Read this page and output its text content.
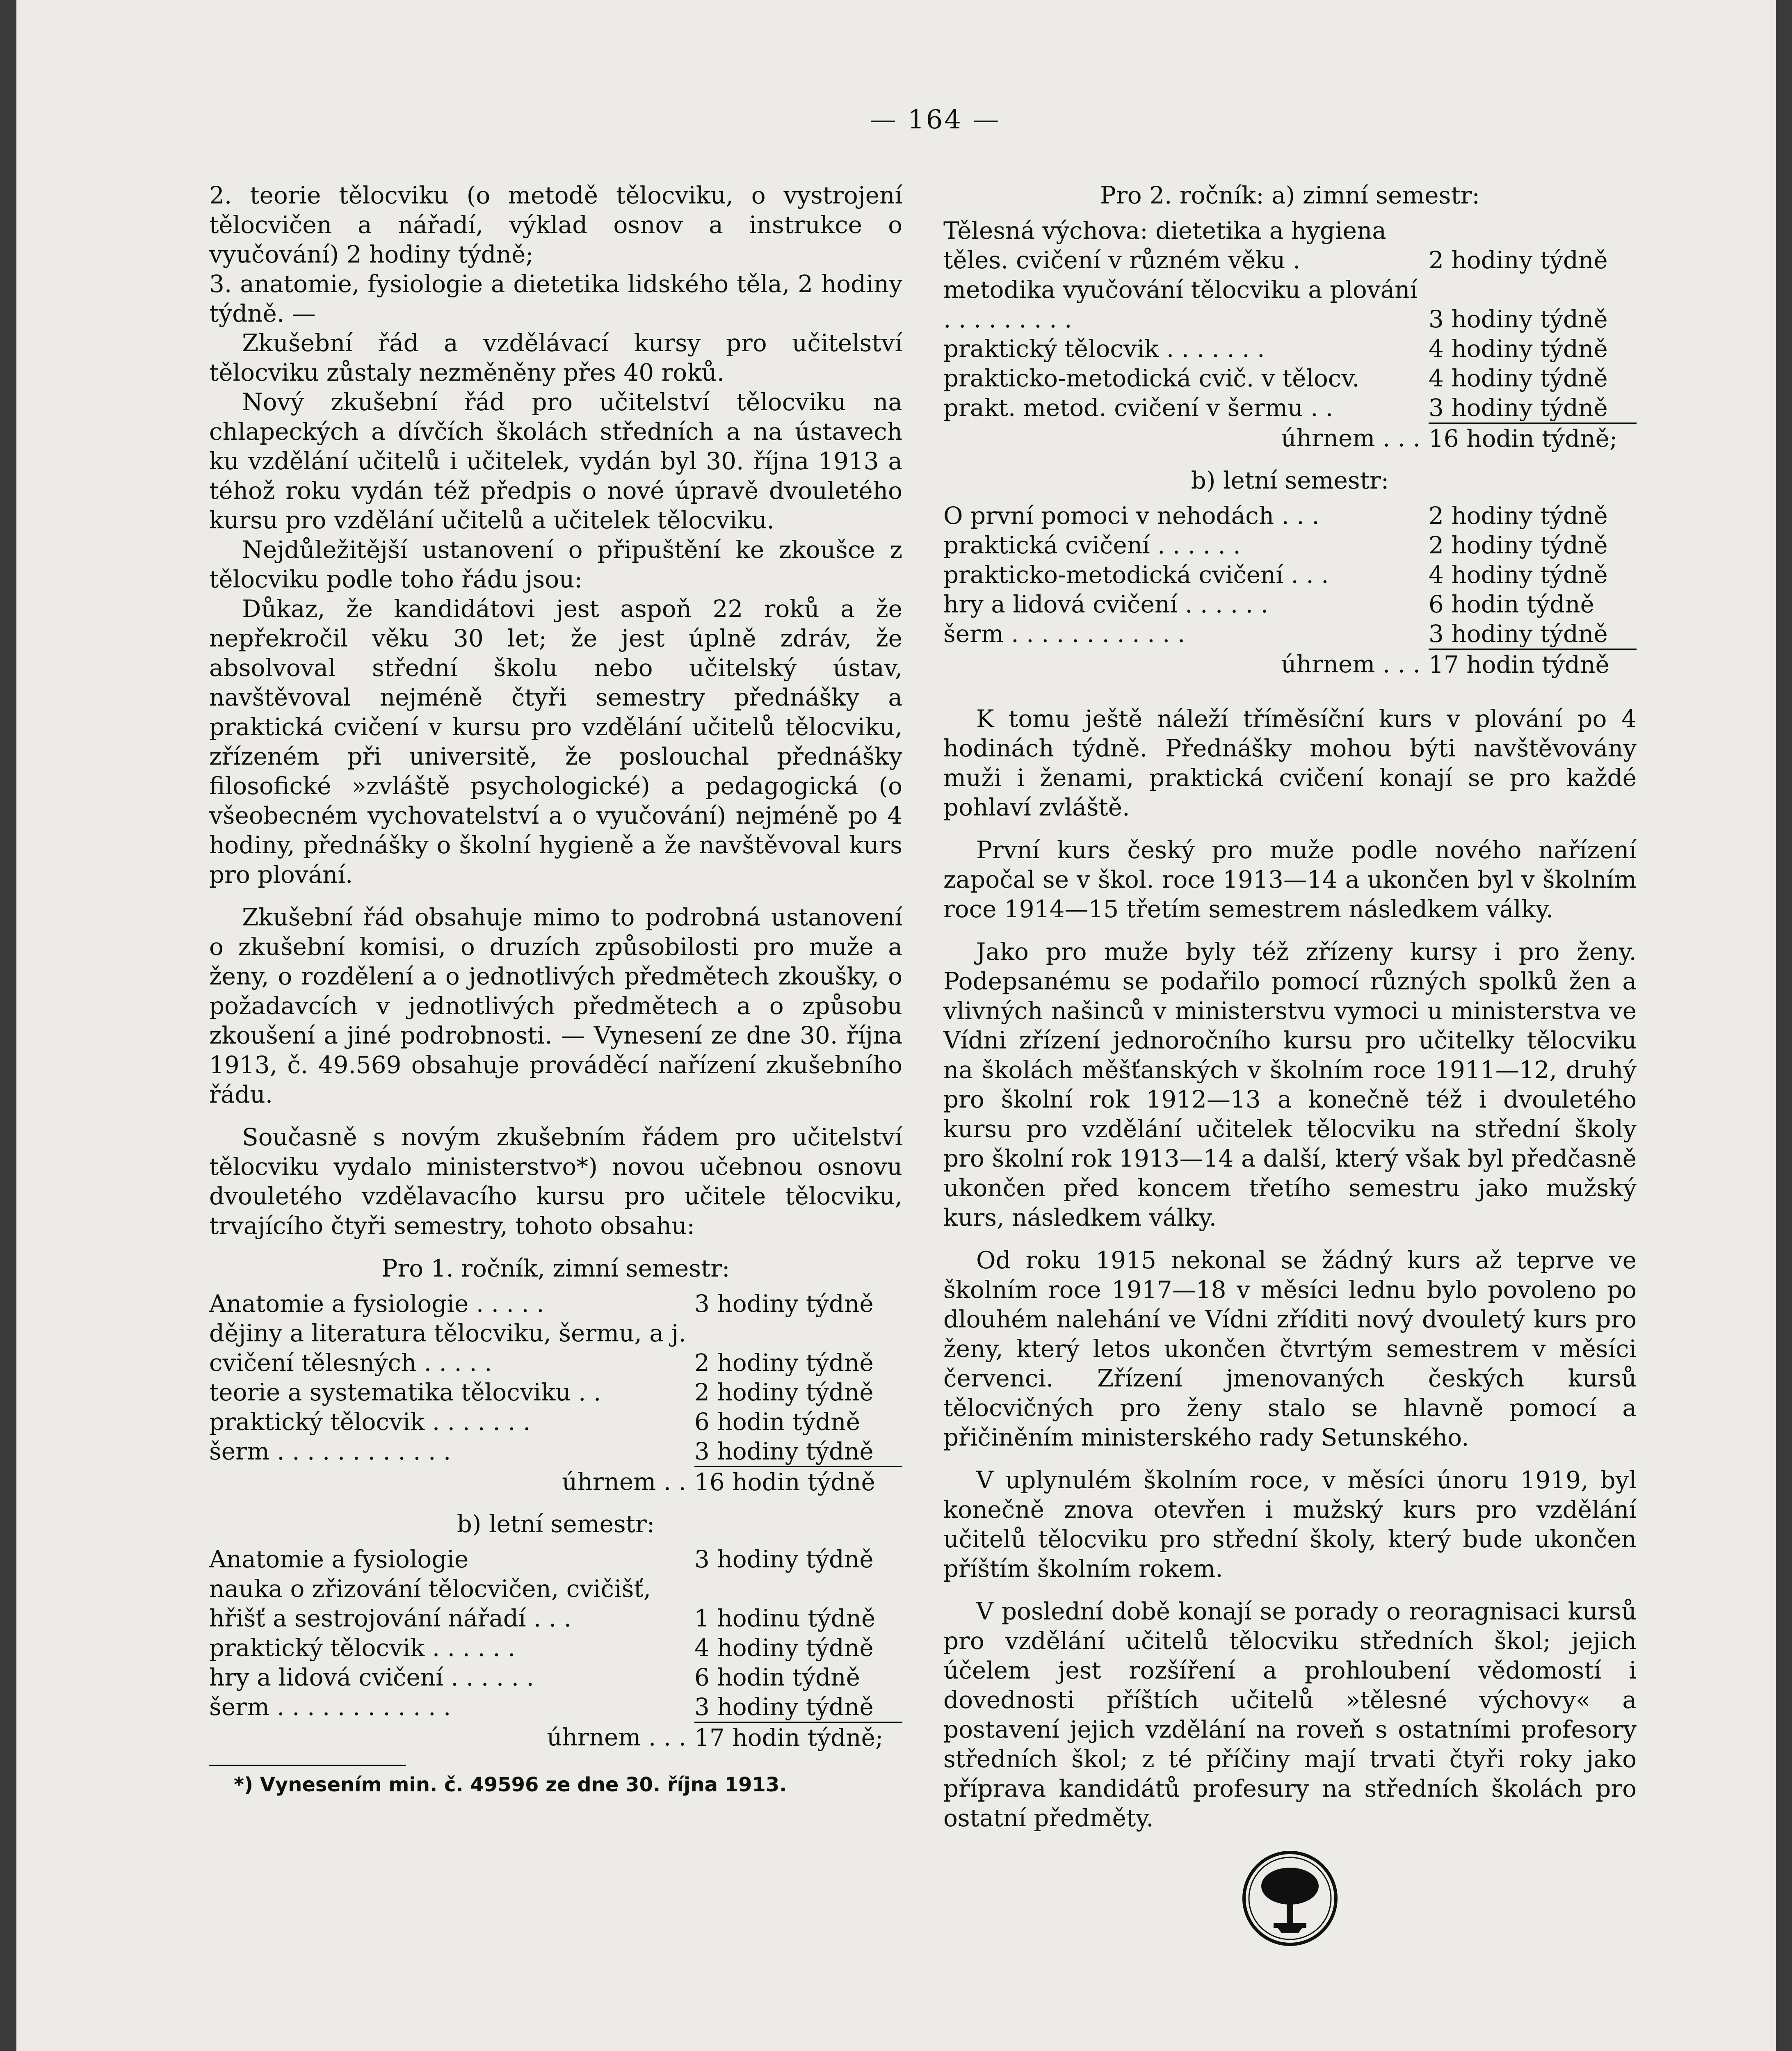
— 164 —

2. teorie tělocviku (o metodě tělocviku, o vystrojení tělocvičen a nářadí, výklad osnov a instrukce o vyučování) 2 hodiny týdně;

3. anatomie, fysiologie a dietetika lidského těla, 2 hodiny týdně. —

Zkušební řád a vzdělávací kursy pro učitelství tělocviku zůstaly nezměněny přes 40 roků.

Nový zkušební řád pro učitelství tělocviku na chlapeckých a dívčích školách středních a na ústavech ku vzdělání učitelů i učitelek, vydán byl 30. října 1913 a téhož roku vydán též předpis o nové úpravě dvouletého kursu pro vzdělání učitelů a učitelek tělocviku.

Nejdůležitější ustanovení o připuštění ke zkoušce z tělocviku podle toho řádu jsou:

Důkaz, že kandidátovi jest aspoň 22 roků a že nepřekročil věku 30 let; že jest úplně zdráv, že absolvoval střední školu nebo učitelský ústav, navštěvoval nejméně čtyři semestry přednášky a praktická cvičení v kursu pro vzdělání učitelů tělocviku, zřízeném při universitě, že poslouchal přednášky filosofické »zvláště psychologické) a pedagogická (o všeobecném vychovatelství a o vyučování) nejméně po 4 hodiny, přednášky o školní hygieně a že navštěvoval kurs pro plování.

Zkušební řád obsahuje mimo to podrobná ustanovení o zkušební komisi, o druzích způsobilosti pro muže a ženy, o rozdělení a o jednotlivých předmětech zkoušky, o požadavcích v jednotlivých předmětech a o způsobu zkoušení a jiné podrobnosti. — Vynesení ze dne 30. října 1913, č. 49.569 obsahuje prováděcí nařízení zkušebního řádu.

Současně s novým zkušebním řádem pro učitelství tělocviku vydalo ministerstvo*) novou učebnou osnovu dvouletého vzdělavacího kursu pro učitele tělocviku, trvajícího čtyři semestry, tohoto obsahu:

Pro 1. ročník, zimní semestr:
Anatomie a fysiologie . . . . .	3 hodiny týdně
dějiny a literatura tělocviku, šermu, a j. cvičení tělesných . . . . .	2 hodiny týdně
teorie a systematika tělocviku . .	2 hodiny týdně
praktický tělocvik . . . . . . .	6 hodin týdně
šerm . . . . . . . . . . . .	3 hodiny týdně
úhrnem . .	16 hodin týdně
b) letní semestr:
Anatomie a fysiologie	3 hodiny týdně
nauka o zřizování tělocvičen, cvičišť, hřišť a sestrojování nářadí . . .	1 hodinu týdně
praktický tělocvik . . . . . .	4 hodiny týdně
hry a lidová cvičení . . . . . .	6 hodin týdně
šerm . . . . . . . . . . . .	3 hodiny týdně
úhrnem . . .	17 hodin týdně;
*) Vynesením min. č. 49596 ze dne 30. října 1913.
Pro 2. ročník: a) zimní semestr:
Tělesná výchova: dietetika a hygiena těles. cvičení v různém věku .	2 hodiny týdně
metodika vyučování tělocviku a plování . . . . . . . . .	3 hodiny týdně
praktický tělocvik . . . . . . .	4 hodiny týdně
prakticko-metodická cvič. v tělocv.	4 hodiny týdně
prakt. metod. cvičení v šermu . .	3 hodiny týdně
úhrnem . . .	16 hodin týdně;
b) letní semestr:
O první pomoci v nehodách . . .	2 hodiny týdně
praktická cvičení . . . . . .	2 hodiny týdně
prakticko-metodická cvičení . . .	4 hodiny týdně
hry a lidová cvičení . . . . . .	6 hodin týdně
šerm . . . . . . . . . . . .	3 hodiny týdně
úhrnem . . .	17 hodin týdně

K tomu ještě náleží tříměsíční kurs v plování po 4 hodinách týdně. Přednášky mohou býti navštěvovány muži i ženami, praktická cvičení konají se pro každé pohlaví zvláště.

První kurs český pro muže podle nového nařízení započal se v škol. roce 1913—14 a ukončen byl v školním roce 1914—15 třetím semestrem následkem války.

Jako pro muže byly též zřízeny kursy i pro ženy. Podepsanému se podařilo pomocí různých spolků žen a vlivných našinců v ministerstvu vymoci u ministerstva ve Vídni zřízení jednoročního kursu pro učitelky tělocviku na školách měšťanských v školním roce 1911—12, druhý pro školní rok 1912—13 a konečně též i dvouletého kursu pro vzdělání učitelek tělocviku na střední školy pro školní rok 1913—14 a další, který však byl předčasně ukončen před koncem třetího semestru jako mužský kurs, následkem války.

Od roku 1915 nekonal se žádný kurs až teprve ve školním roce 1917—18 v měsíci lednu bylo povoleno po dlouhém nalehání ve Vídni zříditi nový dvouletý kurs pro ženy, který letos ukončen čtvrtým semestrem v měsíci červenci. Zřízení jmenovaných českých kursů tělocvičných pro ženy stalo se hlavně pomocí a přičiněním ministerského rady Setunského.

V uplynulém školním roce, v měsíci únoru 1919, byl konečně znova otevřen i mužský kurs pro vzdělání učitelů tělocviku pro střední školy, který bude ukončen příštím školním rokem.

V poslední době konají se porady o reoragnisaci kursů pro vzdělání učitelů tělocviku středních škol; jejich účelem jest rozšíření a prohloubení vědomostí i dovednosti příštích učitelů »tělesné výchovy« a postavení jejich vzdělání na roveň s ostatními profesory středních škol; z té příčiny mají trvati čtyři roky jako příprava kandidátů profesury na středních školách pro ostatní předměty.
